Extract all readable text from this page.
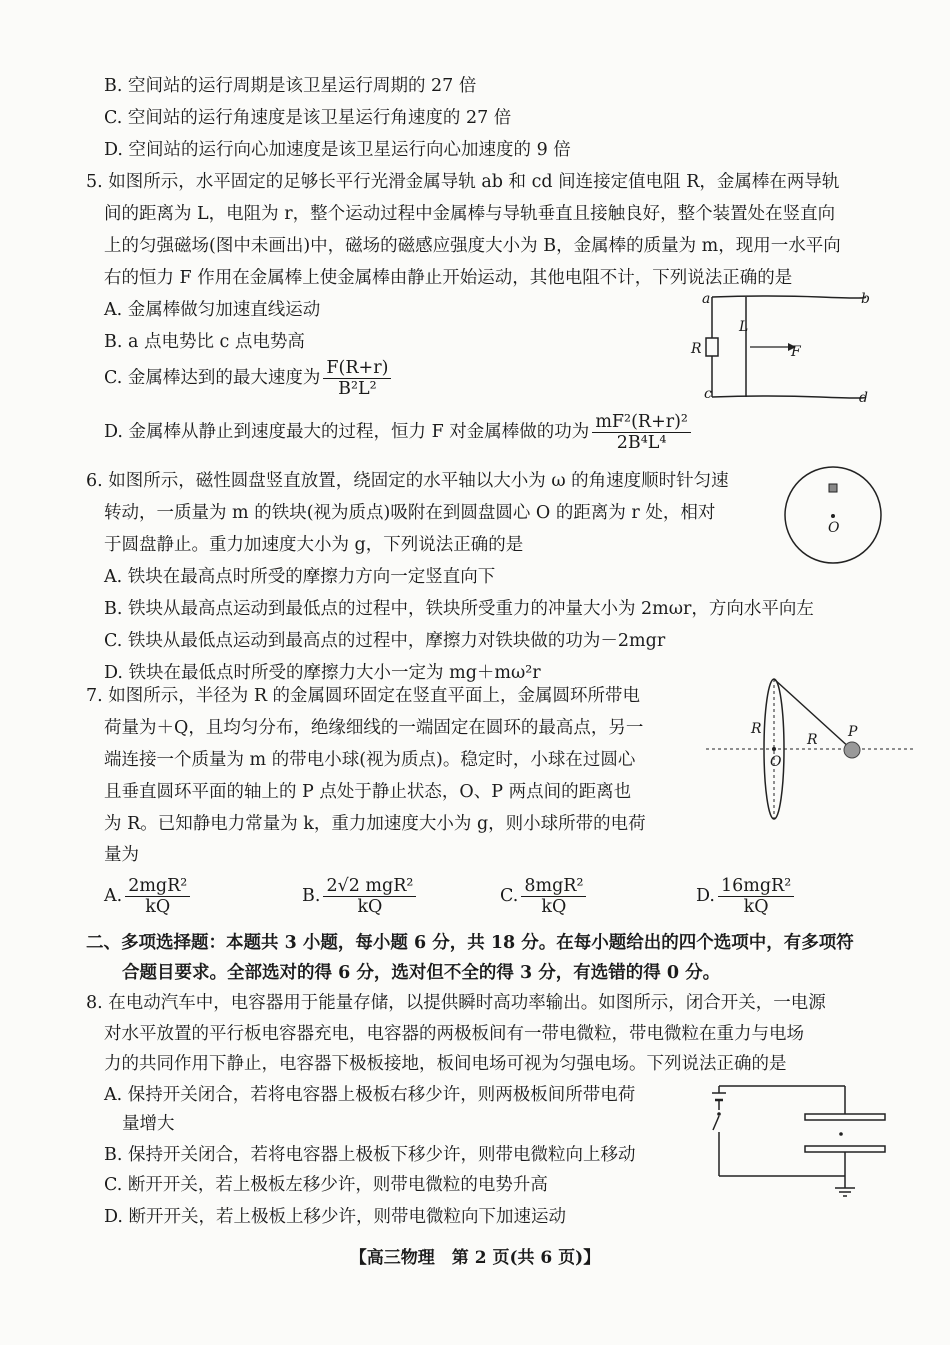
B. 空间站的运行周期是该卫星运行周期的 27 倍
C. 空间站的运行角速度是该卫星运行角速度的 27 倍
D. 空间站的运行向心加速度是该卫星运行向心加速度的 9 倍
5. 如图所示，水平固定的足够长平行光滑金属导轨 ab 和 cd 间连接定值电阻 R，金属棒在两导轨
间的距离为 L，电阻为 r，整个运动过程中金属棒与导轨垂直且接触良好，整个装置处在竖直向
上的匀强磁场(图中未画出)中，磁场的磁感应强度大小为 B，金属棒的质量为 m，现用一水平向
右的恒力 F 作用在金属棒上使金属棒由静止开始运动，其他电阻不计，下列说法正确的是
A. 金属棒做匀加速直线运动
B. a 点电势比 c 点电势高
C. 金属棒达到的最大速度为 $\frac{F(R+r)}{\text{B²L²}}$
D. 金属棒从静止到速度最大的过程，恒力 F 对金属棒做的功为 $\frac{\text{mF²(R+r)²}}{\text{2B⁴L⁴}}$
a	b
c	d
R
L
F
6. 如图所示，磁性圆盘竖直放置，绕固定的水平轴以大小为 ω 的角速度顺时针匀速
转动，一质量为 m 的铁块(视为质点)吸附在到圆盘圆心 O 的距离为 r 处，相对
于圆盘静止。重力加速度大小为 g，下列说法正确的是
A. 铁块在最高点时所受的摩擦力方向一定竖直向下
B. 铁块从最高点运动到最低点的过程中，铁块所受重力的冲量大小为 2mωr，方向水平向左
C. 铁块从最低点运动到最高点的过程中，摩擦力对铁块做的功为－2mgr
D. 铁块在最低点时所受的摩擦力大小一定为 mg＋mω²r
O
7. 如图所示，半径为 R 的金属圆环固定在竖直平面上，金属圆环所带电
荷量为＋Q，且均匀分布，绝缘细线的一端固定在圆环的最高点，另一
端连接一个质量为 m 的带电小球(视为质点)。稳定时，小球在过圆心
且垂直圆环平面的轴上的 P 点处于静止状态，O、P 两点间的距离也
为 R。已知静电力常量为 k，重力加速度大小为 g，则小球所带的电荷
量为
A. $\frac{\text{2mgR²}}{kQ}$	B. $\frac{\text{2√2 mgR²}}{kQ}$	C. $\frac{\text{8mgR²}}{kQ}$	D. $\frac{\text{16mgR²}}{kQ}$
R
R
O
P
二、多项选择题：本题共 3 小题，每小题 6 分，共 18 分。在每小题给出的四个选项中，有多项符
合题目要求。全部选对的得 6 分，选对但不全的得 3 分，有选错的得 0 分。
8. 在电动汽车中，电容器用于能量存储，以提供瞬时高功率输出。如图所示，闭合开关，一电源
对水平放置的平行板电容器充电，电容器的两极板间有一带电微粒，带电微粒在重力与电场
力的共同作用下静止，电容器下极板接地，板间电场可视为匀强电场。下列说法正确的是
A. 保持开关闭合，若将电容器上极板右移少许，则两极板间所带电荷
量增大
B. 保持开关闭合，若将电容器上极板下移少许，则带电微粒向上移动
C. 断开开关，若上极板左移少许，则带电微粒的电势升高
D. 断开开关，若上极板上移少许，则带电微粒向下加速运动
【高三物理　第 2 页(共 6 页)】
